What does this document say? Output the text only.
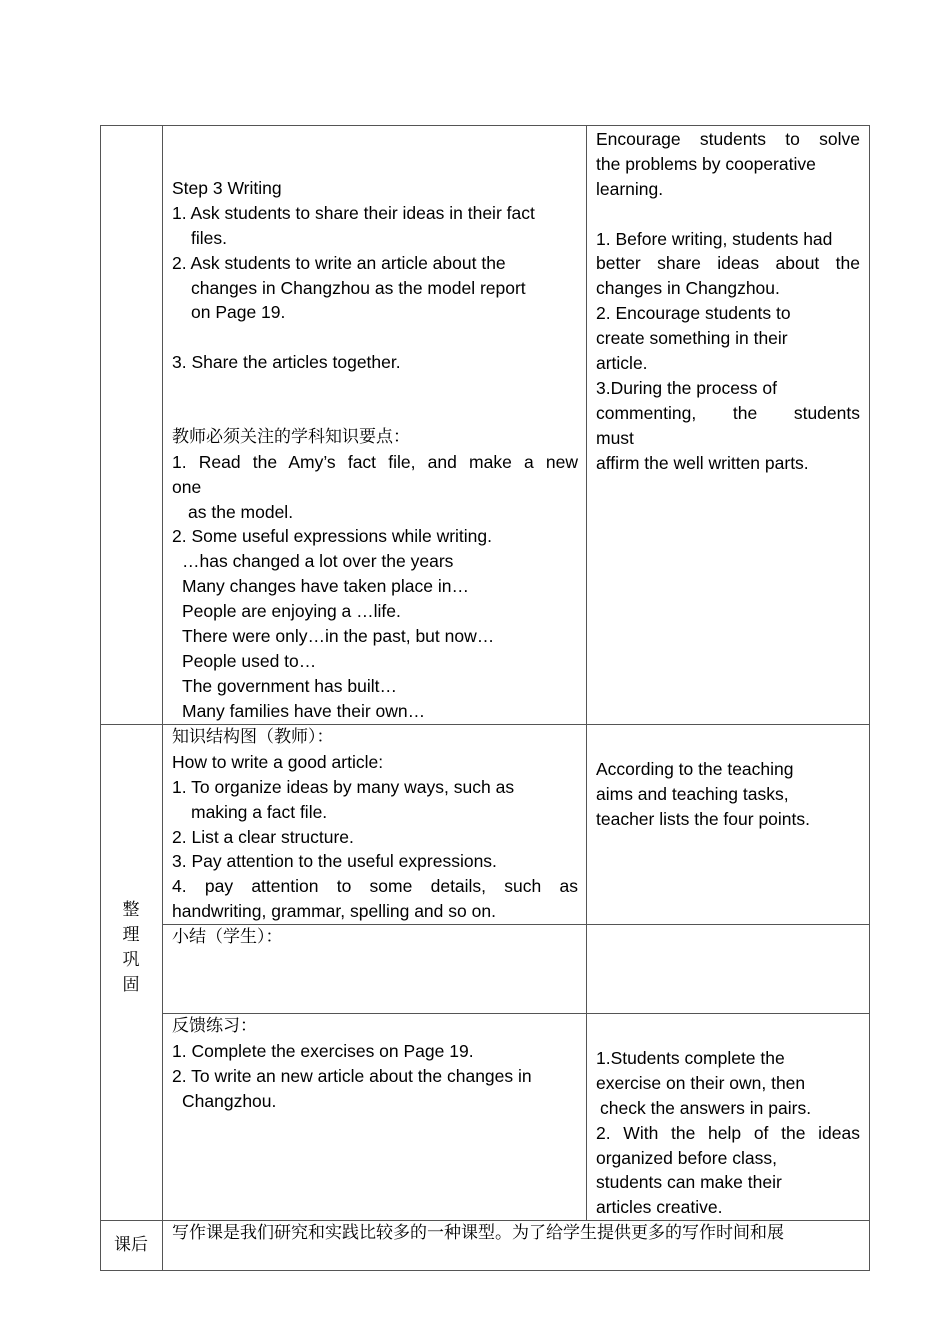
Step 3 Writing
1. Ask students to share their ideas in their fact
files.
2. Ask students to write an article about the
changes in Changzhou as the model report
on Page 19.
3. Share the articles together.
教师必须关注的学科知识要点：
1. Read the Amy’s fact file, and make a new
one
as the model.
2. Some useful expressions while writing.
…has changed a lot over the years
Many changes have taken place in…
People are enjoying a …life.
There were only…in the past, but now…
People used to…
The government has built…
Many families have their own…
Encourage students to solve
the problems by cooperative
learning.
1. Before writing, students had
better share ideas about the
changes in Changzhou.
2. Encourage students to
create something in their
article.
3.During the process of
commenting, the students
must
affirm the well written parts.
整
理
巩
固
知识结构图（教师）：
How to write a good article:
1. To organize ideas by many ways, such as
making a fact file.
2. List a clear structure.
3. Pay attention to the useful expressions.
4. pay attention to some details, such as
handwriting, grammar, spelling and so on.
According to the teaching
aims and teaching tasks,
teacher lists the four points.
小结（学生）：
反馈练习：
1. Complete the exercises on Page 19.
2. To write an new article about the changes in
Changzhou.
1.Students complete the
exercise on their own, then
check the answers in pairs.
2. With the help of the ideas
organized before class,
students can make their
articles creative.
课后
写作课是我们研究和实践比较多的一种课型。为了给学生提供更多的写作时间和展
